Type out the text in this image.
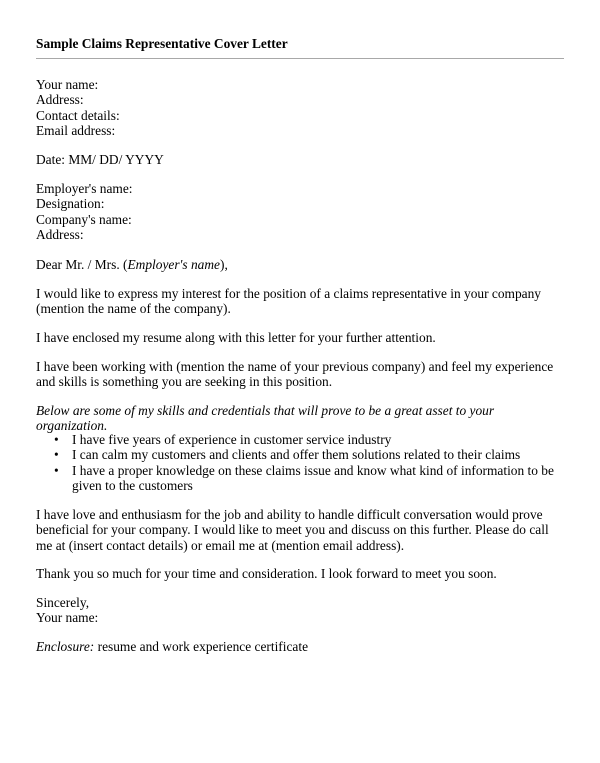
Sample Claims Representative Cover Letter
Your name:
Address:
Contact details:
Email address:
Date: MM/ DD/ YYYY
Employer's name:
Designation:
Company's name:
Address:
Dear Mr. / Mrs. (Employer's name),
I would like to express my interest for the position of a claims representative in your company (mention the name of the company).
I have enclosed my resume along with this letter for your further attention.
I have been working with (mention the name of your previous company) and feel my experience and skills is something you are seeking in this position.
Below are some of my skills and credentials that will prove to be a great asset to your organization.
• I have five years of experience in customer service industry
• I can calm my customers and clients and offer them solutions related to their claims
• I have a proper knowledge on these claims issue and know what kind of information to be given to the customers
I have love and enthusiasm for the job and ability to handle difficult conversation would prove beneficial for your company. I would like to meet you and discuss on this further. Please do call me at (insert contact details) or email me at (mention email address).
Thank you so much for your time and consideration. I look forward to meet you soon.
Sincerely,
Your name:
Enclosure: resume and work experience certificate
